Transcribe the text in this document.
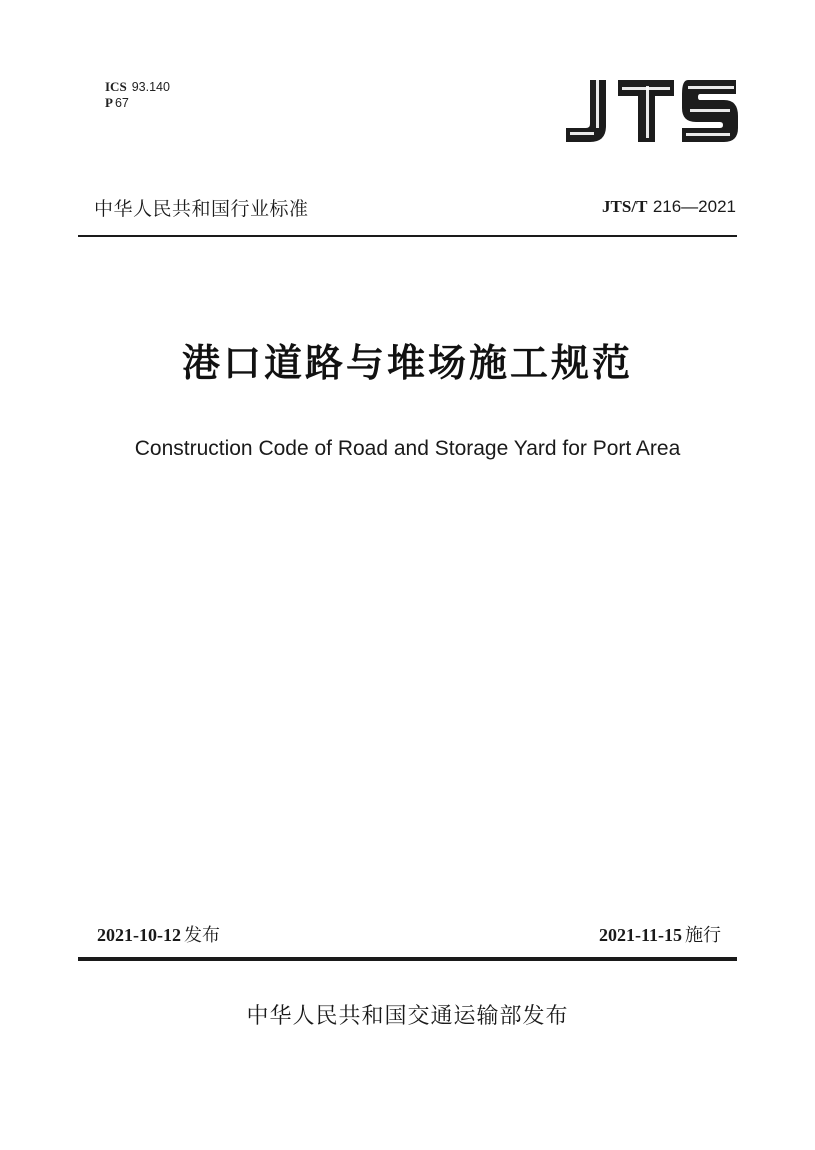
ICS 93.140
P 67
中华人民共和国行业标准	JTS/T 216—2021
港口道路与堆场施工规范
Construction Code of Road and Storage Yard for Port Area
2021-10-12 发布	2021-11-15 施行
中华人民共和国交通运输部发布
